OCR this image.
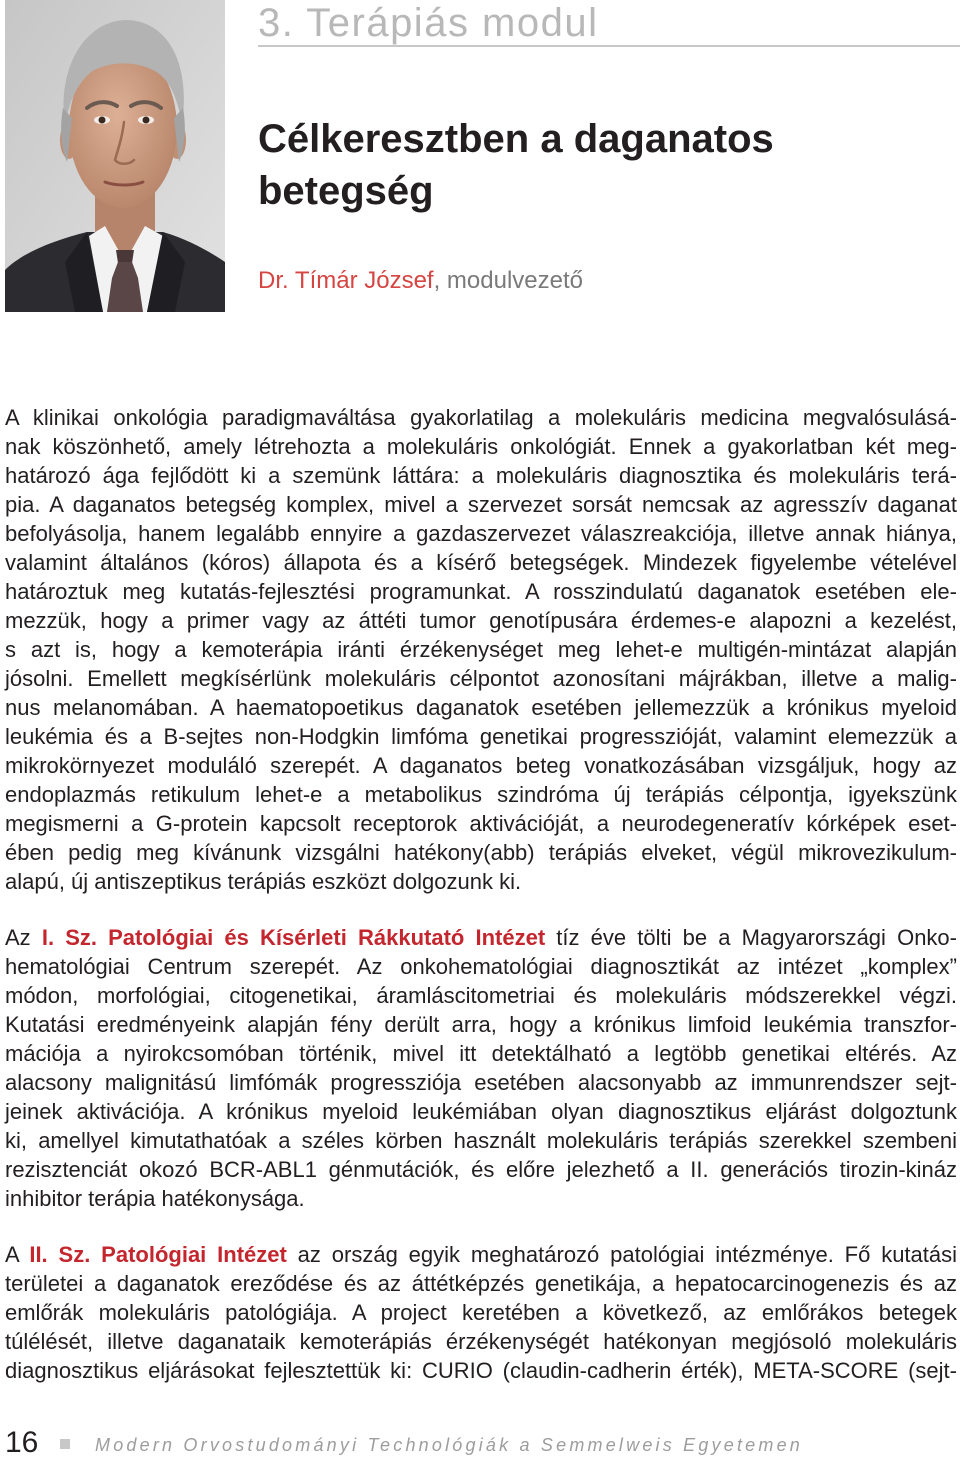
3. Terápiás modul
Célkeresztben a daganatos
betegség
Dr. Tímár József, modulvezető
A klinikai onkológia paradigmaváltása gyakorlatilag a molekuláris medicina megvalósulásá-
nak köszönhető, amely létrehozta a molekuláris onkológiát. Ennek a gyakorlatban két meg-
határozó ága fejlődött ki a szemünk láttára: a molekuláris diagnosztika és molekuláris terá-
pia. A daganatos betegség komplex, mivel a szervezet sorsát nemcsak az agresszív daganat
befolyásolja, hanem legalább ennyire a gazdaszervezet válaszreakciója, illetve annak hiánya,
valamint általános (kóros) állapota és a kísérő betegségek. Mindezek figyelembe vételével
határoztuk meg kutatás-fejlesztési programunkat. A rosszindulatú daganatok esetében ele-
mezzük, hogy a primer vagy az áttéti tumor genotípusára érdemes-e alapozni a kezelést,
s azt is, hogy a kemoterápia iránti érzékenységet meg lehet-e multigén-mintázat alapján
jósolni. Emellett megkísérlünk molekuláris célpontot azonosítani májrákban, illetve a malig-
nus melanomában. A haematopoetikus daganatok esetében jellemezzük a krónikus myeloid
leukémia és a B-sejtes non-Hodgkin limfóma genetikai progresszióját, valamint elemezzük a
mikrokörnyezet moduláló szerepét. A daganatos beteg vonatkozásában vizsgáljuk, hogy az
endoplazmás retikulum lehet-e a metabolikus szindróma új terápiás célpontja, igyekszünk
megismerni a G-protein kapcsolt receptorok aktivációját, a neurodegeneratív kórképek eset-
ében pedig meg kívánunk vizsgálni hatékony(abb) terápiás elveket, végül mikrovezikulum-
alapú, új antiszeptikus terápiás eszközt dolgozunk ki.
Az I. Sz. Patológiai és Kísérleti Rákkutató Intézet tíz éve tölti be a Magyarországi Onko-
hematológiai Centrum szerepét. Az onkohematológiai diagnosztikát az intézet „komplex”
módon, morfológiai, citogenetikai, áramláscitometriai és molekuláris módszerekkel végzi.
Kutatási eredményeink alapján fény derült arra, hogy a krónikus limfoid leukémia transzfor-
mációja a nyirokcsomóban történik, mivel itt detektálható a legtöbb genetikai eltérés. Az
alacsony malignitású limfómák progressziója esetében alacsonyabb az immunrendszer sejt-
jeinek aktivációja. A krónikus myeloid leukémiában olyan diagnosztikus eljárást dolgoztunk
ki, amellyel kimutathatóak a széles körben használt molekuláris terápiás szerekkel szembeni
rezisztenciát okozó BCR-ABL1 génmutációk, és előre jelezhető a II. generációs tirozin-kináz
inhibitor terápia hatékonysága.
A II. Sz. Patológiai Intézet az ország egyik meghatározó patológiai intézménye. Fő kutatási
területei a daganatok ereződése és az áttétképzés genetikája, a hepatocarcinogenezis és az
emlőrák molekuláris patológiája. A project keretében a következő, az emlőrákos betegek
túlélését, illetve daganataik kemoterápiás érzékenységét hatékonyan megjósoló molekuláris
diagnosztikus eljárásokat fejlesztettük ki: CURIO (claudin-cadherin érték), META-SCORE (sejt-
16	Modern Orvostudományi Technológiák a Semmelweis Egyetemen
